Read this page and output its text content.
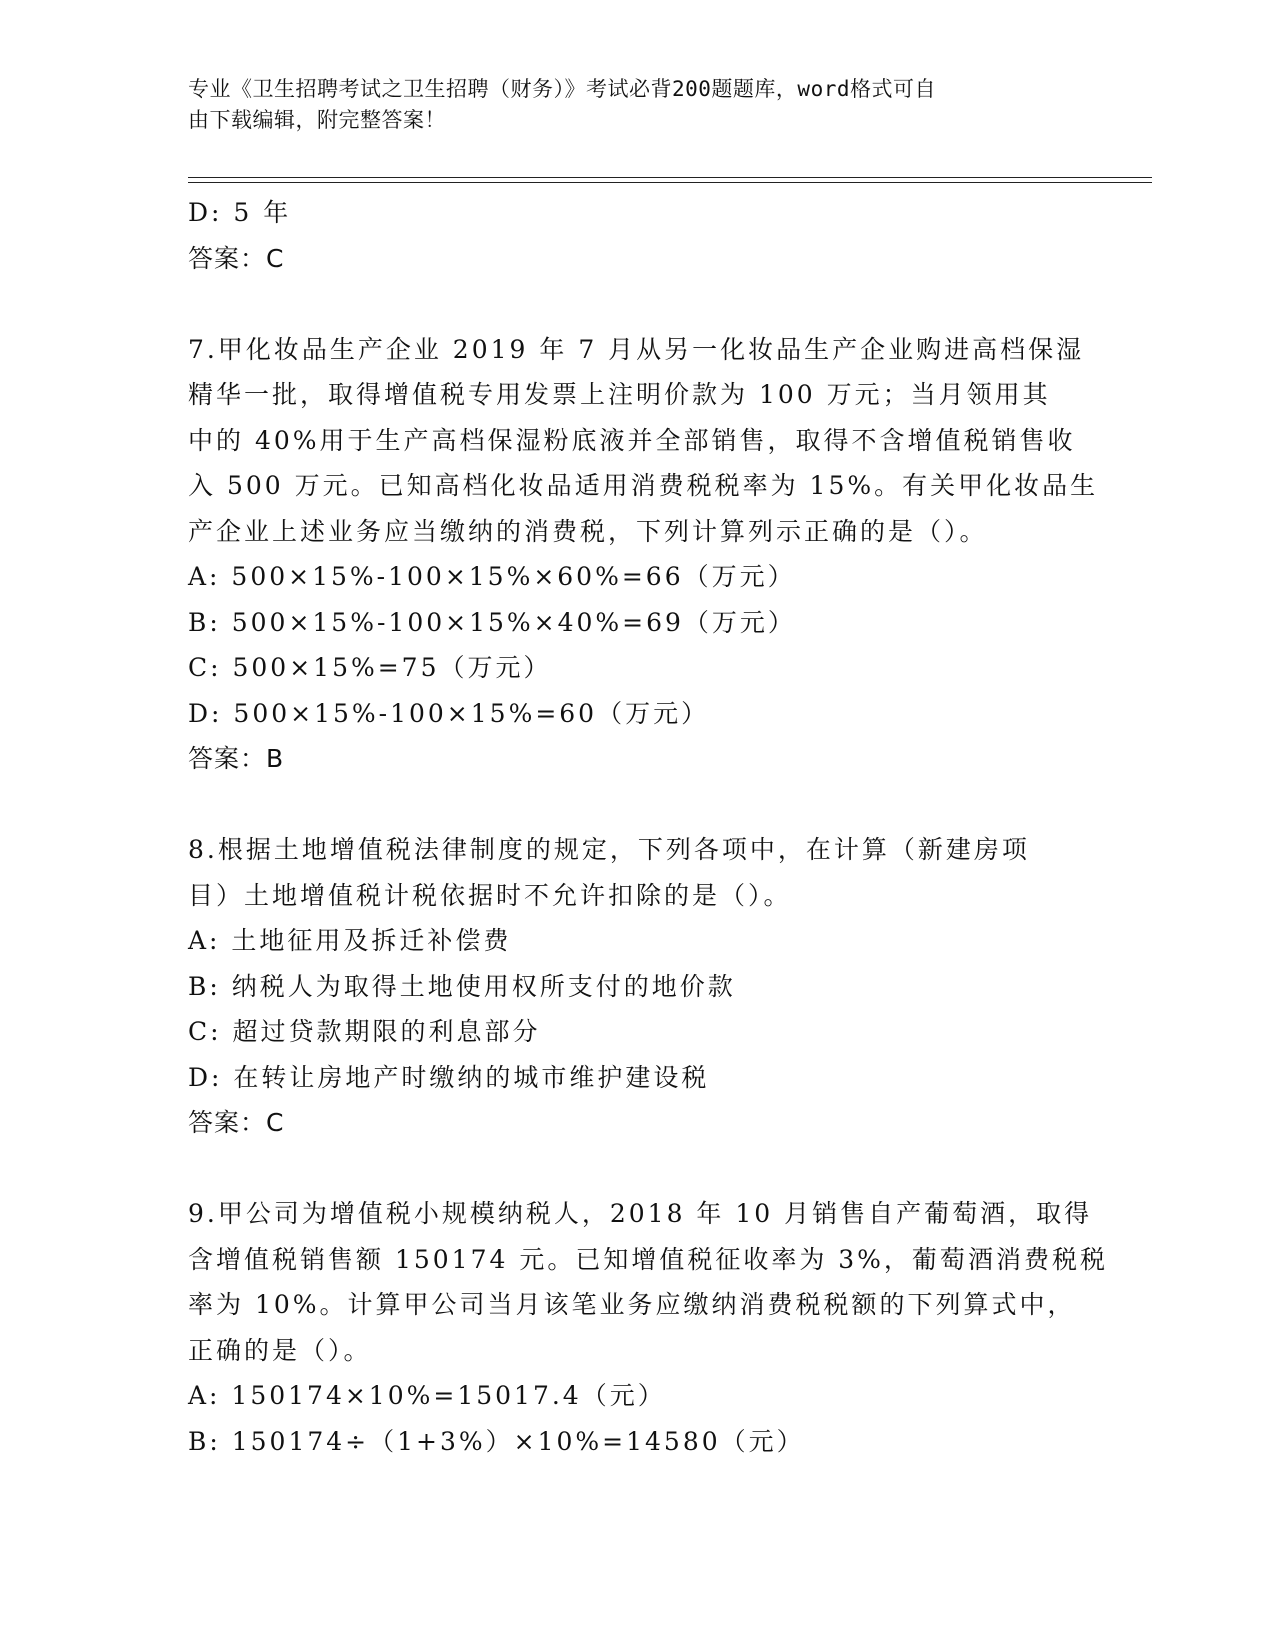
专业《卫生招聘考试之卫生招聘（财务）》考试必背200题题库，word格式可自
由下载编辑，附完整答案！
D: 5 年
答案：C
7.甲化妆品生产企业 2019 年 7 月从另一化妆品生产企业购进高档保湿
精华一批，取得增值税专用发票上注明价款为 100 万元；当月领用其
中的 40%用于生产高档保湿粉底液并全部销售，取得不含增值税销售收
入 500 万元。已知高档化妆品适用消费税税率为 15%。有关甲化妆品生
产企业上述业务应当缴纳的消费税，下列计算列示正确的是（）。
A: 500×15%-100×15%×60%=66（万元）
B: 500×15%-100×15%×40%=69（万元）
C: 500×15%=75（万元）
D: 500×15%-100×15%=60（万元）
答案：B
8.根据土地增值税法律制度的规定，下列各项中，在计算（新建房项
目）土地增值税计税依据时不允许扣除的是（）。
A: 土地征用及拆迁补偿费
B: 纳税人为取得土地使用权所支付的地价款
C: 超过贷款期限的利息部分
D: 在转让房地产时缴纳的城市维护建设税
答案：C
9.甲公司为增值税小规模纳税人，2018 年 10 月销售自产葡萄酒，取得
含增值税销售额 150174 元。已知增值税征收率为 3%，葡萄酒消费税税
率为 10%。计算甲公司当月该笔业务应缴纳消费税税额的下列算式中，
正确的是（）。
A: 150174×10%=15017.4（元）
B: 150174÷（1+3%）×10%=14580（元）
